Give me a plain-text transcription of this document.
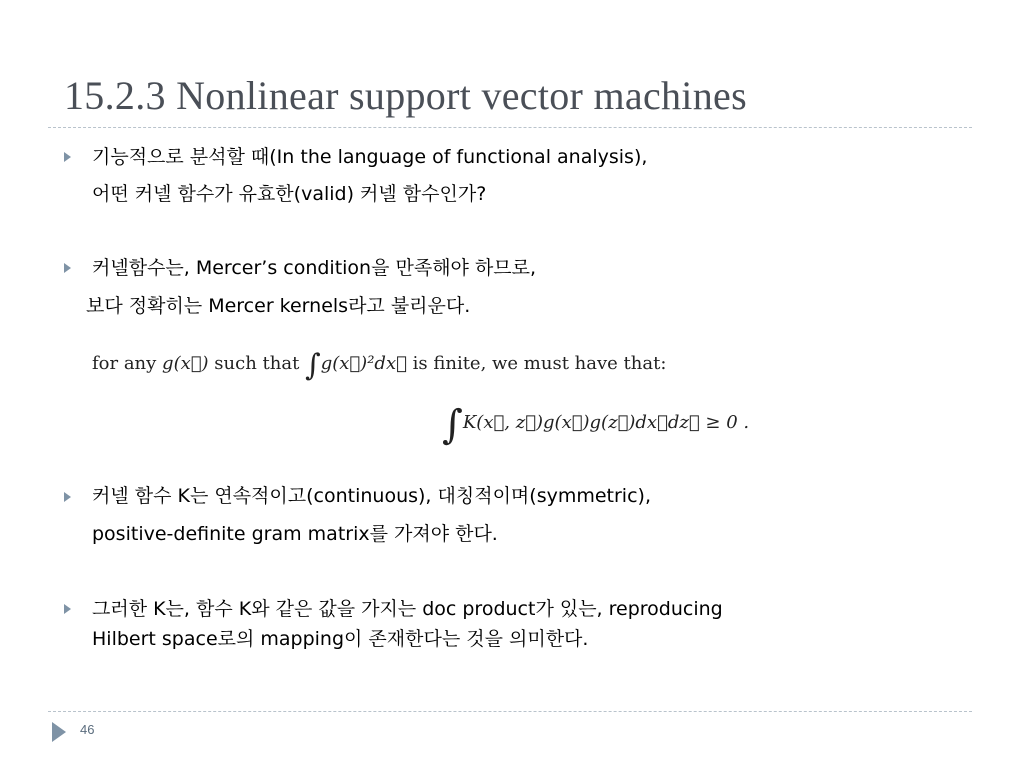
15.2.3 Nonlinear support vector machines
기능적으로 분석할 때(In the language of functional analysis),
어떤 커넬 함수가 유효한(valid) 커넬 함수인가?
커넬함수는, Mercer’s condition을 만족해야 하므로,
보다 정확히는 Mercer kernels라고 불리운다.
for any g(x⃗) such that ∫g(x⃗)²dx⃗ is finite, we must have that:
∫K(x⃗, z⃗)g(x⃗)g(z⃗)dx⃗dz⃗ ≥ 0 .
커넬 함수 K는 연속적이고(continuous), 대칭적이며(symmetric),
positive-definite gram matrix를 가져야 한다.
그러한 K는, 함수 K와 같은 값을 가지는 doc product가 있는, reproducing
Hilbert space로의 mapping이 존재한다는 것을 의미한다.
46
